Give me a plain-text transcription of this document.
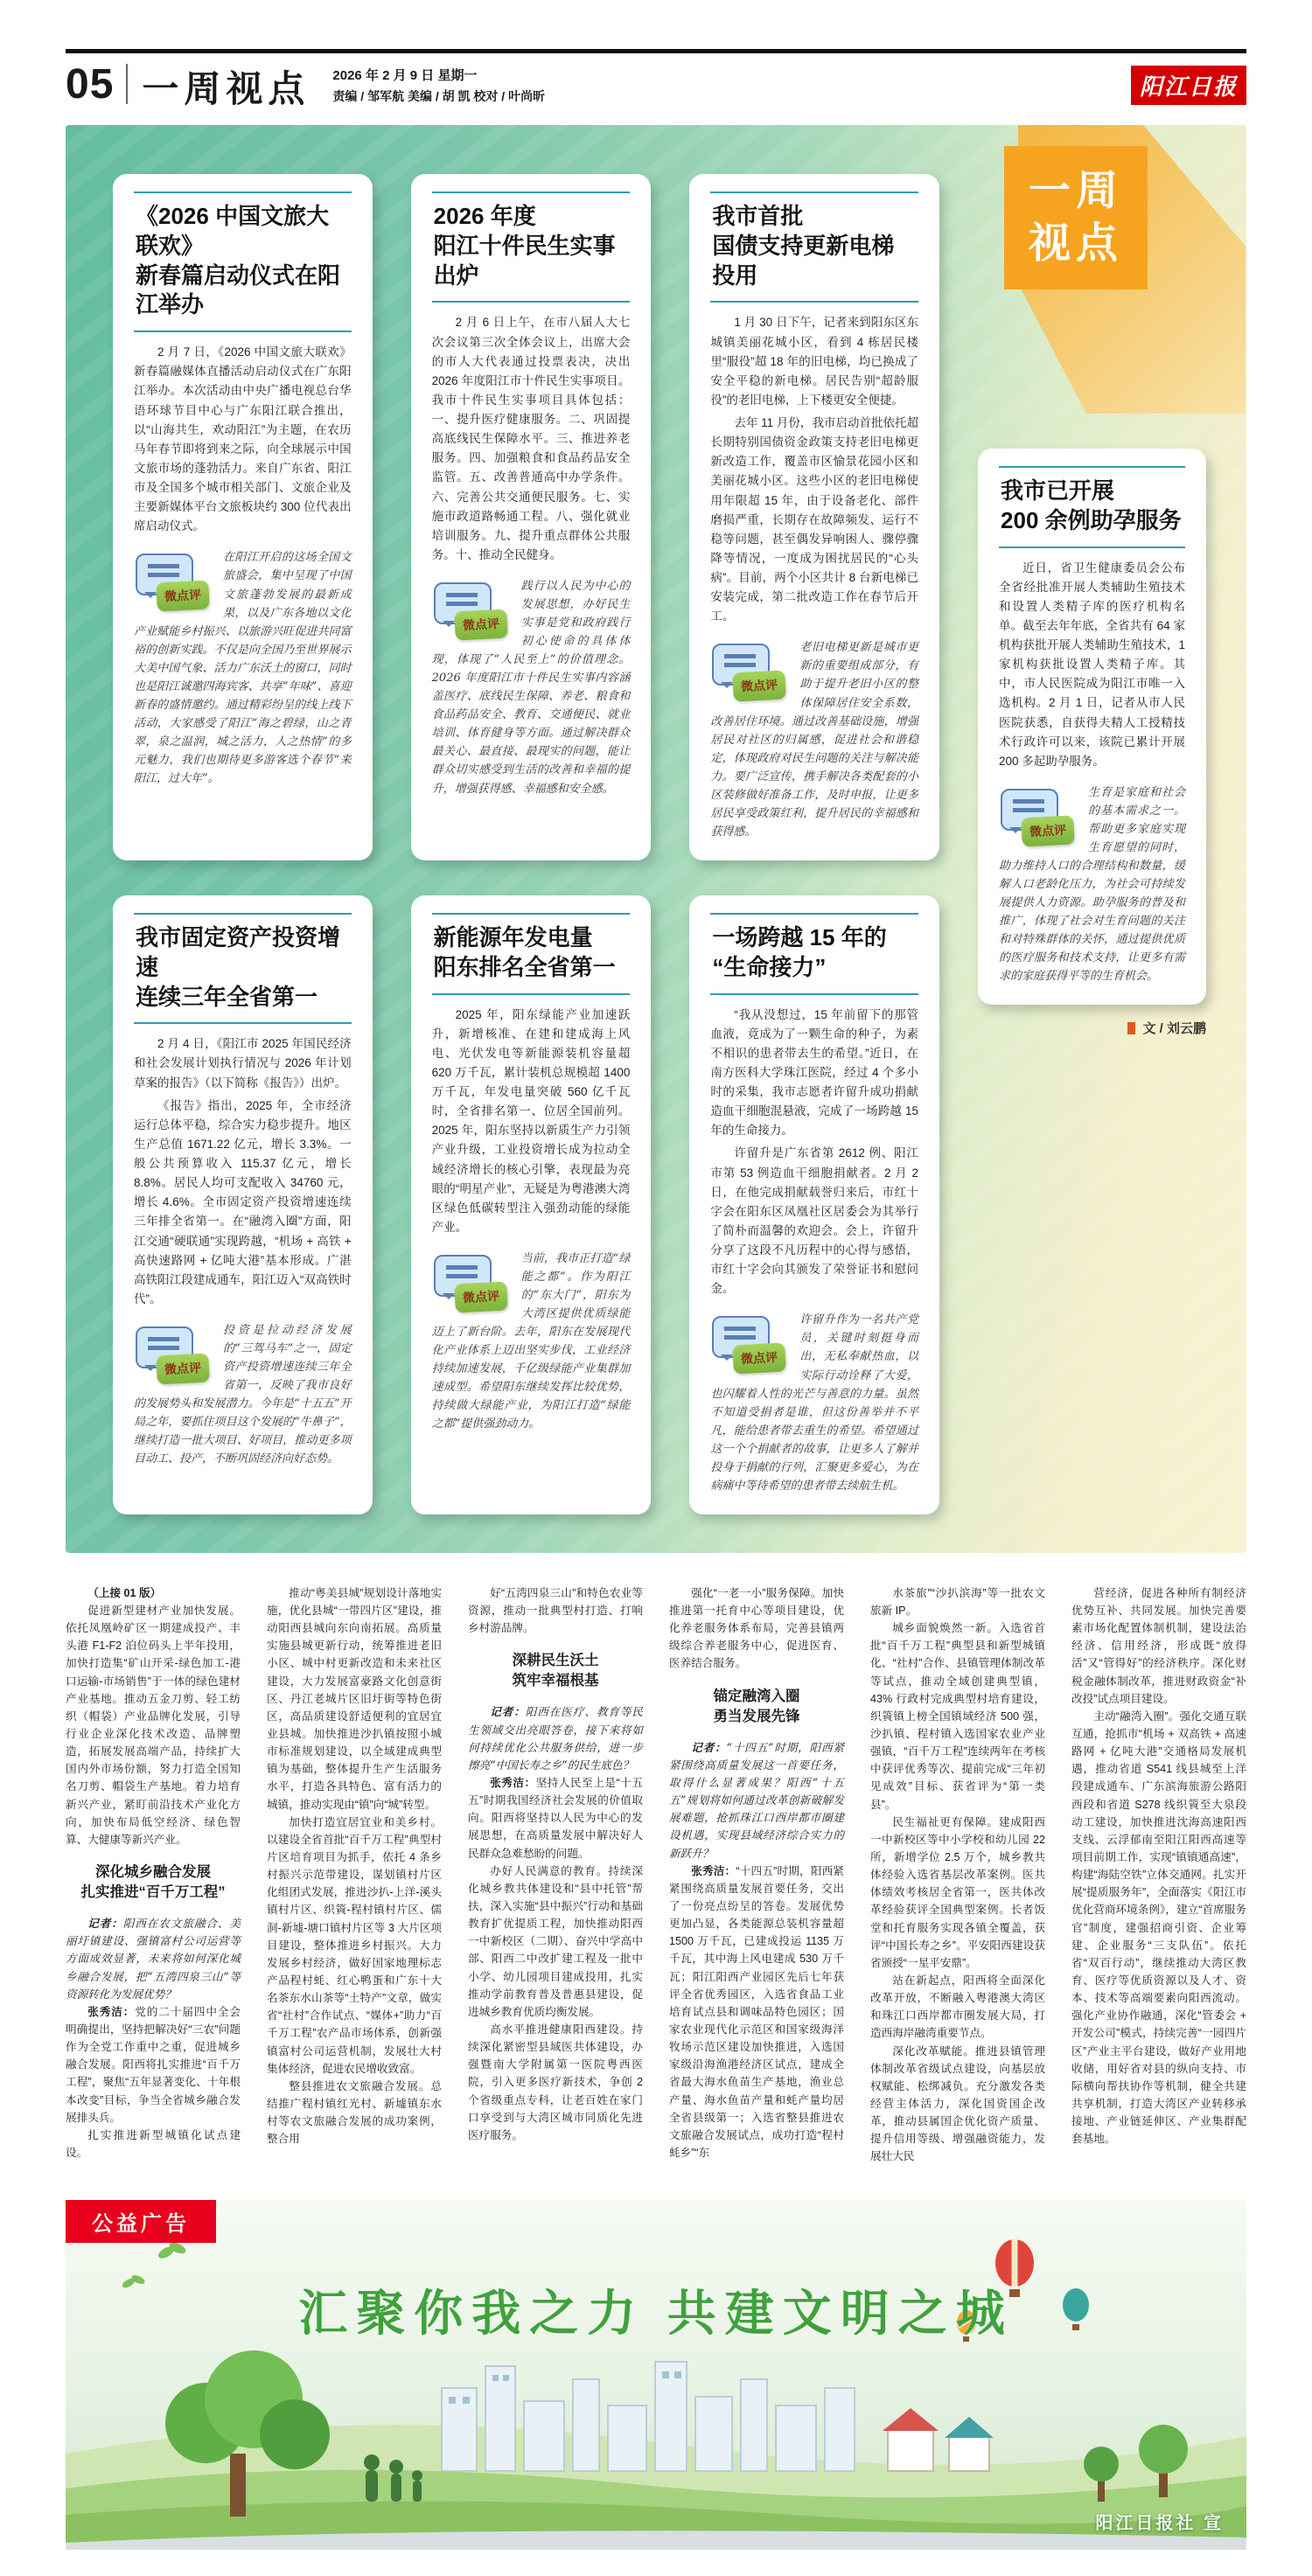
05 一周视点 2026 年 2 月 9 日 星期一
责编 / 邹军航 美编 / 胡 凯 校对 / 叶尚昕	阳江日报
《2026 中国文旅大联欢》
新春篇启动仪式在阳江举办

2 月 7 日，《2026 中国文旅大联欢》新春篇融媒体直播活动启动仪式在广东阳江举办。本次活动由中央广播电视总台华语环球节目中心与广东阳江联合推出，以“山海共生，欢动阳江”为主题，在农历马年春节即将到来之际，向全球展示中国文旅市场的蓬勃活力。来自广东省、阳江市及全国多个城市相关部门、文旅企业及主要新媒体平台文旅板块约 300 位代表出席启动仪式。

微点评
在阳江开启的这场全国文旅盛会，集中呈现了中国文旅蓬勃发展的最新成果，以及广东各地以文化产业赋能乡村振兴、以旅游兴旺促进共同富裕的创新实践。不仅是向全国乃至世界展示大美中国气象、活力广东沃土的窗口，同时也是阳江诚邀四海宾客、共享“年味”、喜迎新春的盛情邀约。通过精彩纷呈的线上线下活动，大家感受了阳江“海之碧绿，山之青翠，泉之温润，城之活力，人之热情”的多元魅力，我们也期待更多游客选个春节“来阳江，过大年”。
2026 年度
阳江十件民生实事出炉

2 月 6 日上午，在市八届人大七次会议第三次全体会议上，出席大会的市人大代表通过投票表决，决出 2026 年度阳江市十件民生实事项目。我市十件民生实事项目具体包括：一、提升医疗健康服务。二、巩固提高底线民生保障水平。三、推进养老服务。四、加强粮食和食品药品安全监管。五、改善普通高中办学条件。六、完善公共交通便民服务。七、实施市政道路畅通工程。八、强化就业培训服务。九、提升重点群体公共服务。十、推动全民健身。

微点评
践行以人民为中心的发展思想，办好民生实事是党和政府践行初心使命的具体体现，体现了“人民至上”的价值理念。2026 年度阳江市十件民生实事内容涵盖医疗、底线民生保障、养老、粮食和食品药品安全、教育、交通便民、就业培训、体育健身等方面。通过解决群众最关心、最直接、最现实的问题，能让群众切实感受到生活的改善和幸福的提升，增强获得感、幸福感和安全感。
我市首批
国债支持更新电梯投用

1 月 30 日下午，记者来到阳东区东城镇美丽花城小区，看到 4 栋居民楼里“服役”超 18 年的旧电梯，均已换成了安全平稳的新电梯。居民告别“超龄服役”的老旧电梯，上下楼更安全便捷。

去年 11 月份，我市启动首批依托超长期特别国债资金政策支持老旧电梯更新改造工作，覆盖市区愉景花园小区和美丽花城小区。这些小区的老旧电梯使用年限超 15 年，由于设备老化、部件磨损严重，长期存在故障频发、运行不稳等问题，甚至偶发异响困人、骤停骤降等情况，一度成为困扰居民的“心头病”。目前，两个小区共计 8 台新电梯已安装完成，第二批改造工作在春节后开工。

微点评
老旧电梯更新是城市更新的重要组成部分，有助于提升老旧小区的整体保障居住安全系数，改善居住环境。通过改善基础设施，增强居民对社区的归属感，促进社会和谐稳定，体现政府对民生问题的关注与解决能力。要广泛宣传，携手解决各类配套的小区装修做好准备工作，及时申报，让更多居民享受政策红利，提升居民的幸福感和获得感。
一周
视点
我市已开展
200 余例助孕服务

近日，省卫生健康委员会公布全省经批准开展人类辅助生殖技术和设置人类精子库的医疗机构名单。截至去年年底，全省共有 64 家机构获批开展人类辅助生殖技术，1 家机构获批设置人类精子库。其中，市人民医院成为阳江市唯一入选机构。2 月 1 日，记者从市人民医院获悉，自获得夫精人工授精技术行政许可以来，该院已累计开展 200 多起助孕服务。

微点评
生育是家庭和社会的基本需求之一。帮助更多家庭实现生育愿望的同时，助力维持人口的合理结构和数量，缓解人口老龄化压力，为社会可持续发展提供人力资源。助孕服务的普及和推广，体现了社会对生育问题的关注和对特殊群体的关怀，通过提供优质的医疗服务和技术支持，让更多有需求的家庭获得平等的生育机会。
文 / 刘云鹏
我市固定资产投资增速
连续三年全省第一

2 月 4 日，《阳江市 2025 年国民经济和社会发展计划执行情况与 2026 年计划草案的报告》（以下简称《报告》）出炉。

《报告》指出，2025 年，全市经济运行总体平稳，综合实力稳步提升。地区生产总值 1671.22 亿元，增长 3.3%。一般公共预算收入 115.37 亿元，增长 8.8%。居民人均可支配收入 34760 元，增长 4.6%。全市固定资产投资增速连续三年排全省第一。在“融湾入圈”方面，阳江交通“硬联通”实现跨越，“机场 + 高铁 + 高快速路网 + 亿吨大港”基本形成。广湛高铁阳江段建成通车，阳江迈入“双高铁时代”。

微点评
投资是拉动经济发展的“三驾马车”之一，固定资产投资增速连续三年全省第一，反映了我市良好的发展势头和发展潜力。今年是“十五五”开局之年，要抓住项目这个发展的“牛鼻子”，继续打造一批大项目、好项目，推动更多项目动工、投产，不断巩固经济向好态势。
新能源年发电量
阳东排名全省第一

2025 年，阳东绿能产业加速跃升，新增核准、在建和建成海上风电、光伏发电等新能源装机容量超 620 万千瓦，累计装机总规模超 1400 万千瓦，年发电量突破 560 亿千瓦时，全省排名第一、位居全国前列。2025 年，阳东坚持以新质生产力引领产业升级，工业投资增长成为拉动全域经济增长的核心引擎，表现最为亮眼的“明星产业”，无疑是为粤港澳大湾区绿色低碳转型注入强劲动能的绿能产业。

微点评
当前，我市正打造“绿能之都”。作为阳江的“东大门”，阳东为大湾区提供优质绿能迈上了新台阶。去年，阳东在发展现代化产业体系上迈出坚实步伐，工业经济持续加速发展，千亿级绿能产业集群加速成型。希望阳东继续发挥比较优势，持续做大绿能产业，为阳江打造“绿能之都”提供强劲动力。
一场跨越 15 年的
“生命接力”

“我从没想过，15 年前留下的那管血液，竟成为了一颗生命的种子，为素不相识的患者带去生的希望。”近日，在南方医科大学珠江医院，经过 4 个多小时的采集，我市志愿者许留升成功捐献造血干细胞混悬液，完成了一场跨越 15 年的生命接力。

许留升是广东省第 2612 例、阳江市第 53 例造血干细胞捐献者。2 月 2 日，在他完成捐献载誉归来后，市红十字会在阳东区凤凰社区居委会为其举行了简朴而温馨的欢迎会。会上，许留升分享了这段不凡历程中的心得与感悟，市红十字会向其颁发了荣誉证书和慰问金。

微点评
许留升作为一名共产党员，关键时刻挺身而出，无私奉献热血，以实际行动诠释了大爱，也闪耀着人性的光芒与善意的力量。虽然不知道受捐者是谁，但这份善举并不平凡，能给患者带去重生的希望。希望通过这一个个捐献者的故事，让更多人了解并投身于捐献的行列，汇聚更多爱心，为在病痛中等待希望的患者带去续航生机。

（上接 01 版）

促进新型建材产业加快发展。依托凤凰岭矿区一期建成投产、丰头港 F1-F2 泊位码头上半年投用，加快打造集“矿山开采-绿色加工-港口运输-市场销售”于一体的绿色建材产业基地。推动五金刀剪、轻工纺织（帽袋）产业品牌化发展，引导行业企业深化技术改造、品牌塑造，拓展发展高端产品，持续扩大国内外市场份额，努力打造全国知名刀剪、帽袋生产基地。着力培育新兴产业，紧盯前沿技术产业化方向，加快布局低空经济、绿色智算、大健康等新兴产业。

深化城乡融合发展
扎实推进“百千万工程”

记者：阳西在农文旅融合、美丽圩镇建设、强镇富村公司运营等方面成效显著，未来将如何深化城乡融合发展，把“五湾四泉三山”等资源转化为发展优势？

张秀洁：党的二十届四中全会明确提出，坚持把解决好“三农”问题作为全党工作重中之重，促进城乡融合发展。阳西将扎实推进“百千万工程”，聚焦“五年显著变化、十年根本改变”目标，争当全省城乡融合发展排头兵。

扎实推进新型城镇化试点建设。

推动“粤美县城”规划设计落地实施，优化县城“一带四片区”建设，推动阳西县城向东向南拓展。高质量实施县城更新行动，统筹推进老旧小区、城中村更新改造和未来社区建设，大力发展富豪路文化创意街区、丹江老城片区旧圩街等特色街区，高品质建设舒适便利的宜居宜业县城。加快推进沙扒镇按照小城市标准规划建设，以全域建成典型镇为基础，整体提升生产生活服务水平，打造各具特色、富有活力的城镇，推动实现由“镇”向“城”转型。

加快打造宜居宜业和美乡村。以建设全省首批“百千万工程”典型村片区培育项目为抓手，依托 4 条乡村振兴示范带建设，谋划镇村片区化组团式发展，推进沙扒-上洋-溪头镇村片区、织篢-程村镇村片区、儒洞-新墟-塘口镇村片区等 3 大片区项目建设，整体推进乡村振兴。大力发展乡村经济，做好国家地理标志产品程村蚝、红心鸭蛋和广东十大名茶东水山茶等“土特产”文章，做实省“社村”合作试点、“媒体+”助力“百千万工程”农产品市场体系，创新强镇富村公司运营机制，发展壮大村集体经济，促进农民增收致富。

整县推进农文旅融合发展。总结推广程村镇红光村、新墟镇东水村等农文旅融合发展的成功案例，整合用

好“五湾四泉三山”和特色农业等资源，推动一批典型村打造、打响乡村游品牌。

深耕民生沃土
筑牢幸福根基

记者：阳西在医疗、教育等民生领域交出亮眼答卷，接下来将如何持续优化公共服务供给，进一步擦亮“中国长寿之乡”的民生底色？

张秀洁：坚持人民至上是“十五五”时期我国经济社会发展的价值取向。阳西将坚持以人民为中心的发展思想，在高质量发展中解决好人民群众急难愁盼的问题。

办好人民满意的教育。持续深化城乡教共体建设和“县中托管”帮扶，深入实施“县中振兴”行动和基础教育扩优提质工程，加快推动阳西一中新校区（二期）、奋兴中学高中部、阳西二中改扩建工程及一批中小学、幼儿园项目建成投用，扎实推动学前教育普及普惠县建设，促进城乡教育优质均衡发展。

高水平推进健康阳西建设。持续深化紧密型县域医共体建设，办强暨南大学附属第一医院粤西医院，引入更多医疗新技术，争创 2 个省级重点专科，让老百姓在家门口享受到与大湾区城市同质化先进医疗服务。

强化“一老一小”服务保障。加快推进第一托育中心等项目建设，优化养老服务体系布局，完善县镇两级综合养老服务中心，促进医育、医养结合服务。

锚定融湾入圈
勇当发展先锋

记者：“十四五”时期，阳西紧紧围绕高质量发展这一首要任务，取得什么显著成果？阳西“十五五”规划将如何通过改革创新破解发展难题，抢抓珠江口西岸都市圈建设机遇，实现县域经济综合实力的新跃升？

张秀洁：“十四五”时期，阳西紧紧围绕高质量发展首要任务，交出了一份亮点纷呈的答卷。发展优势更加凸显，各类能源总装机容量超 1500 万千瓦，已建成投运 1135 万千瓦，其中海上风电建成 530 万千瓦；阳江阳西产业园区先后七年获评全省优秀园区，入选省食品工业培育试点县和调味品特色园区；国家农业现代化示范区和国家级海洋牧场示范区建设加快推进，入选国家级沿海渔港经济区试点，建成全省最大海水鱼苗生产基地，渔业总产量、海水鱼苗产量和蚝产量均居全省县级第一；入选省整县推进农文旅融合发展试点，成功打造“程村蚝乡”“东

水茶旅”“沙扒滨海”等一批农文旅新 IP。

城乡面貌焕然一新。入选省首批“百千万工程”典型县和新型城镇化、“社村”合作、县镇管理体制改革等试点，推动全域创建典型镇，43% 行政村完成典型村培育建设，织篢镇上榜全国镇域经济 500 强，沙扒镇、程村镇入选国家农业产业强镇，“百千万工程”连续两年在考核中获评优秀等次、提前完成“三年初见成效”目标、获省评为“第一类县”。

民生福祉更有保障。建成阳西一中新校区等中小学校和幼儿园 22 所，新增学位 2.5 万个，城乡教共体经验入选省基层改革案例。医共体绩效考核居全省第一，医共体改革经验获评全国典型案例。长者饭堂和托育服务实现各镇全覆盖，获评“中国长寿之乡”。平安阳西建设获省颁授“一星平安鼎”。

站在新起点，阳西将全面深化改革开放，不断融入粤港澳大湾区和珠江口西岸都市圈发展大局，打造西海岸融湾重要节点。

深化改革赋能。推进县镇管理体制改革省级试点建设，向基层放权赋能、松绑减负。充分激发各类经营主体活力，深化国资国企改革，推动县属国企优化资产质量、提升信用等级、增强融资能力，发展壮大民

营经济，促进各种所有制经济优势互补、共同发展。加快完善要素市场化配置体制机制，建设法治经济、信用经济，形成既“放得活”又“管得好”的经济秩序。深化财税金融体制改革，推进财政资金“补改投”试点项目建设。

主动“融湾入圈”。强化交通互联互通，抢抓市“机场 + 双高铁 + 高速路网 + 亿吨大港”交通格局发展机遇，推动省道 S541 线县城至上洋段建成通车、广东滨海旅游公路阳西段和省道 S278 线织篢至大泉段动工建设，加快推进沈海高速阳西支线、云浮郁南至阳江阳西高速等项目前期工作，实现“镇镇通高速”，构建“海陆空铁”立体交通网。扎实开展“提质服务年”，全面落实《阳江市优化营商环境条例》，建立“首席服务官”制度，建强招商引资、企业筹建、企业服务“三支队伍”。依托省“双百行动”，继续推动大湾区教育、医疗等优质资源以及人才、资本、技术等高端要素向阳西流动。强化产业协作融通，深化“管委会 + 开发公司”模式，持续完善“一园四片区”产业主平台建设，做好产业用地收储，用好省对县的纵向支持、市际横向帮扶协作等机制，健全共建共享机制，打造大湾区产业转移承接地、产业链延伸区、产业集群配套基地。

公益广告
汇聚你我之力 共建文明之城
阳江日报社 宣
